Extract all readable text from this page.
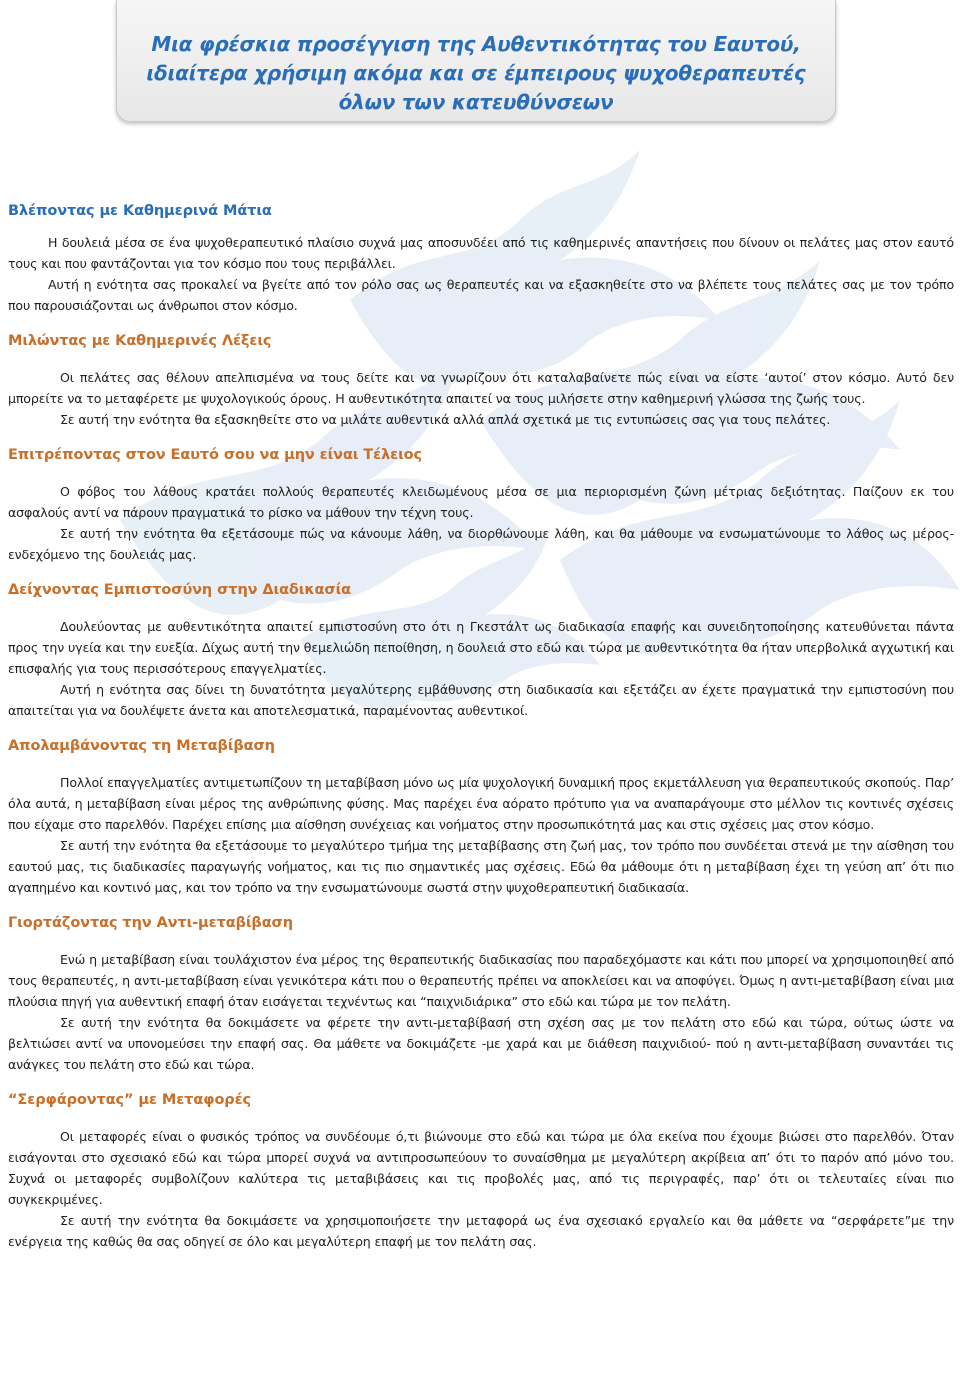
Μια φρέσκια προσέγγιση της Αυθεντικότητας του Εαυτού,
ιδιαίτερα χρήσιμη ακόμα και σε έμπειρους ψυχοθεραπευτές
όλων των κατευθύνσεων
Βλέποντας με Καθημερινά Μάτια

Η δουλειά μέσα σε ένα ψυχοθεραπευτικό πλαίσιο συχνά μας αποσυνδέει από τις καθημερινές απαντήσεις που δίνουν οι πελάτες μας στον εαυτό τους και που φαντάζονται για τον κόσμο που τους περιβάλλει.

Αυτή η ενότητα σας προκαλεί να βγείτε από τον ρόλο σας ως θεραπευτές και να εξασκηθείτε στο να βλέπετε τους πελάτες σας με τον τρόπο που παρουσιάζονται ως άνθρωποι στον κόσμο.

Μιλώντας με Καθημερινές Λέξεις

Οι πελάτες σας θέλουν απελπισμένα να τους δείτε και να γνωρίζουν ότι καταλαβαίνετε πώς είναι να είστε ‘αυτοί’ στον κόσμο. Αυτό δεν μπορείτε να το μεταφέρετε με ψυχολογικούς όρους. Η αυθεντικότητα απαιτεί να τους μιλήσετε στην καθημερινή γλώσσα της ζωής τους.

Σε αυτή την ενότητα θα εξασκηθείτε στο να μιλάτε αυθεντικά αλλά απλά σχετικά με τις εντυπώσεις σας για τους πελάτες.

Επιτρέποντας στον Εαυτό σου να μην είναι Τέλειος

Ο φόβος του λάθους κρατάει πολλούς θεραπευτές κλειδωμένους μέσα σε μια περιορισμένη ζώνη μέτριας δεξιότητας. Παίζουν εκ του ασφαλούς αντί να πάρουν πραγματικά το ρίσκο να μάθουν την τέχνη τους.

Σε αυτή την ενότητα θα εξετάσουμε πώς να κάνουμε λάθη, να διορθώνουμε λάθη, και θα μάθουμε να ενσωματώνουμε το λάθος ως μέρος-ενδεχόμενο της δουλειάς μας.

Δείχνοντας Εμπιστοσύνη στην Διαδικασία

Δουλεύοντας με αυθεντικότητα απαιτεί εμπιστοσύνη στο ότι η Γκεστάλτ ως διαδικασία επαφής και συνειδητοποίησης κατευθύνεται πάντα προς την υγεία και την ευεξία. Δίχως αυτή την θεμελιώδη πεποίθηση, η δουλειά στο εδώ και τώρα με αυθεντικότητα θα ήταν υπερβολικά αγχωτική και επισφαλής για τους περισσότερους επαγγελματίες.

Αυτή η ενότητα σας δίνει τη δυνατότητα μεγαλύτερης εμβάθυνσης στη διαδικασία και εξετάζει αν έχετε πραγματικά την εμπιστοσύνη που απαιτείται για να δουλέψετε άνετα και αποτελεσματικά, παραμένοντας αυθεντικοί.

Απολαμβάνοντας τη Μεταβίβαση

Πολλοί επαγγελματίες αντιμετωπίζουν τη μεταβίβαση μόνο ως μία ψυχολογική δυναμική προς εκμετάλλευση για θεραπευτικούς σκοπούς. Παρ’ όλα αυτά, η μεταβίβαση είναι μέρος της ανθρώπινης φύσης. Μας παρέχει ένα αόρατο πρότυπο για να αναπαράγουμε στο μέλλον τις κοντινές σχέσεις που είχαμε στο παρελθόν. Παρέχει επίσης μια αίσθηση συνέχειας και νοήματος στην προσωπικότητά μας και στις σχέσεις μας στον κόσμο.

Σε αυτή την ενότητα θα εξετάσουμε το μεγαλύτερο τμήμα της μεταβίβασης στη ζωή μας, τον τρόπο που συνδέεται στενά με την αίσθηση του εαυτού μας, τις διαδικασίες παραγωγής νοήματος, και τις πιο σημαντικές μας σχέσεις. Εδώ θα μάθουμε ότι η μεταβίβαση έχει τη γεύση απ’ ότι πιο αγαπημένο και κοντινό μας, και τον τρόπο να την ενσωματώνουμε σωστά στην ψυχοθεραπευτική διαδικασία.

Γιορτάζοντας την Αντι-μεταβίβαση

Ενώ η μεταβίβαση είναι τουλάχιστον ένα μέρος της θεραπευτικής διαδικασίας που παραδεχόμαστε και κάτι που μπορεί να χρησιμοποιηθεί από τους θεραπευτές, η αντι-μεταβίβαση είναι γενικότερα κάτι που ο θεραπευτής πρέπει να αποκλείσει και να αποφύγει. Όμως η αντι-μεταβίβαση είναι μια πλούσια πηγή για αυθεντική επαφή όταν εισάγεται τεχνέντως και “παιχνιδιάρικα” στο εδώ και τώρα με τον πελάτη.

Σε αυτή την ενότητα θα δοκιμάσετε να φέρετε την αντι-μεταβίβασή στη σχέση σας με τον πελάτη στο εδώ και τώρα, ούτως ώστε να βελτιώσει αντί να υπονομεύσει την επαφή σας. Θα μάθετε να δοκιμάζετε -με χαρά και με διάθεση παιχνιδιού- πού η αντι-μεταβίβαση συναντάει τις ανάγκες του πελάτη στο εδώ και τώρα.

“Σερφάροντας” με Μεταφορές

Οι μεταφορές είναι ο φυσικός τρόπος να συνδέουμε ό,τι βιώνουμε στο εδώ και τώρα με όλα εκείνα που έχουμε βιώσει στο παρελθόν. Όταν εισάγονται στο σχεσιακό εδώ και τώρα μπορεί συχνά να αντιπροσωπεύουν το συναίσθημα με μεγαλύτερη ακρίβεια απ’ ότι το παρόν από μόνο του. Συχνά οι μεταφορές συμβολίζουν καλύτερα τις μεταβιβάσεις και τις προβολές μας, από τις περιγραφές, παρ’ ότι οι τελευταίες είναι πιο συγκεκριμένες.

Σε αυτή την ενότητα θα δοκιμάσετε να χρησιμοποιήσετε την μεταφορά ως ένα σχεσιακό εργαλείο και θα μάθετε να “σερφάρετε”με την ενέργεια της καθώς θα σας οδηγεί σε όλο και μεγαλύτερη επαφή με τον πελάτη σας.
